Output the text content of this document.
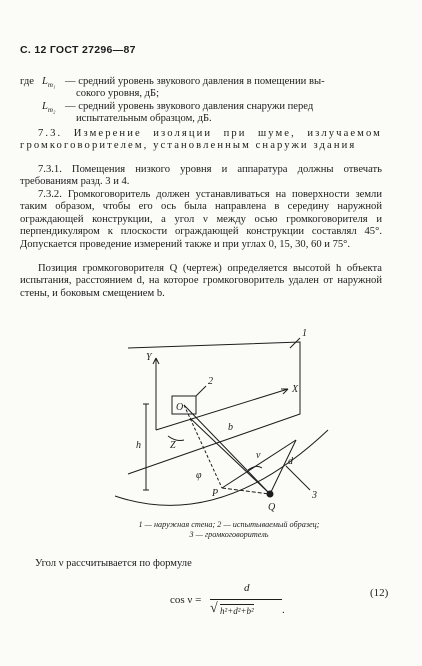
С. 12 ГОСТ 27296—87
где $L_{m_1}$ — средний уровень звукового давления в помещении вы-
сокого уровня, дБ;
$L_{m_2}$ — средний уровень звукового давления снаружи перед
испытательным образцом, дБ.
7.3. Измерение изоляции при шуме, излучаемом громкоговорителем, установленным снаружи здания
7.3.1. Помещения низкого уровня и аппаратура должны отвечать требованиям разд. 3 и 4.
7.3.2. Громкоговоритель должен устанавливаться на поверхности земли таким образом, чтобы его ось была направлена в середину наружной ограждающей конструкции, а угол ν между осью громкоговорителя и перпендикуляром к плоскости ограждающей конструкции составлял 45°. Допускается проведение измерений также и при углах 0, 15, 30, 60 и 75°.
Позиция громкоговорителя Q (чертеж) определяется высотой h объекта испытания, расстоянием d, на которое громкоговоритель удален от наружной стены, и боковым смещением b.
1
2
3
Y
X
Z
O
h
b
d
P
Q
ν
φ
1 — наружная стена; 2 — испытываемый образец;
3 — громкоговоритель
Угол ν рассчитывается по формуле
cos ν =
d
√ h²+d²+b²	.
(12)
